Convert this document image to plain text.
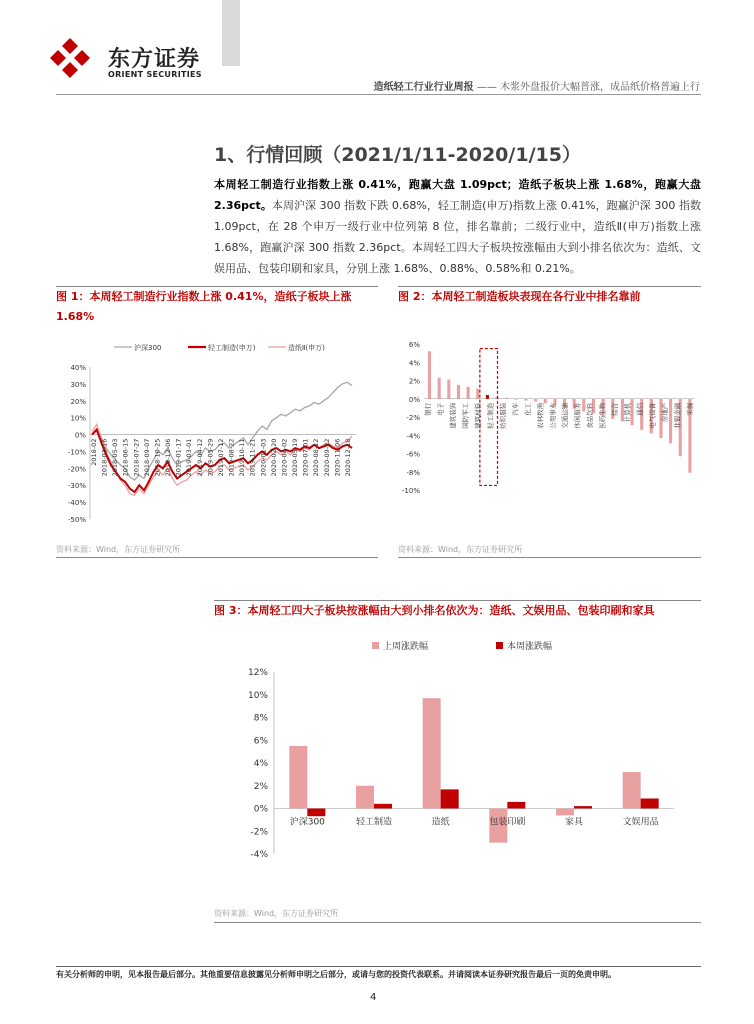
东方证券
ORIENT SECURITIES
造纸轻工行业行业周报 —— 木浆外盘报价大幅普涨，成品纸价格普遍上行
1、行情回顾（2021/1/11-2020/1/15）
本周轻工制造行业指数上涨 0.41%，跑赢大盘 1.09pct；造纸子板块上涨 1.68%，跑赢大盘 2.36pct。本周沪深 300 指数下跌 0.68%，轻工制造(申万)指数上涨 0.41%，跑赢沪深 300 指数 1.09pct，在 28 个申万一级行业中位列第 8 位，排名靠前；二级行业中，造纸Ⅱ(申万)指数上涨 1.68%，跑赢沪深 300 指数 2.36pct。本周轻工四大子板块按涨幅由大到小排名依次为：造纸、文娱用品、包装印刷和家具，分别上涨 1.68%、0.88%、0.58%和 0.21%。
图 1：本周轻工制造行业指数上涨 0.41%，造纸子板块上涨 1.68%
沪深300	轻工制造(申万)	造纸Ⅱ(申万)
40%
30%
20%
10%
0%
-10%
-20%
-30%
-40%
-50%
2018-02 2018-03-16 2018-05-03 2018-06-15 2018-07-27 2018-09-07 2018-10-25 2018-12-06 2019-01-17 2019-03-01 2019-04-12 2019-05-29 2019-07-12 2019-08-22 2019-10-11 2019-11-21 2020-01-03 2020-02-20 2020-04-02 2020-05-19 2020-07-01 2020-08-12 2020-09-22 2020-11-06 2020-12-18
资料来源：Wind，东方证券研究所
图 2：本周轻工制造板块表现在各行业中排名靠前
6%
4%
2%
0%
-2%
-4%
-6%
-8%
-10%
银行 电子 建筑装饰 国防军工 建筑材料 轻工制造 纺织服装 汽车 化工 农林牧渔 公用事业 交通运输 休闲服务 食品饮料 医药生物 综合 计算机 通信 电气设备 房地产 非银金融 采掘
资料来源：Wind，东方证券研究所
图 3：本周轻工四大子板块按涨幅由大到小排名依次为：造纸、文娱用品、包装印刷和家具
上周涨跌幅	本周涨跌幅
12%
10%
8%
6%
4%
2%
0%
-2%
-4%
沪深300	轻工制造	造纸	包装印刷	家具	文娱用品
资料来源：Wind，东方证券研究所
有关分析师的申明，见本报告最后部分。其他重要信息披露见分析师申明之后部分，或请与您的投资代表联系。并请阅读本证券研究报告最后一页的免责申明。
4
